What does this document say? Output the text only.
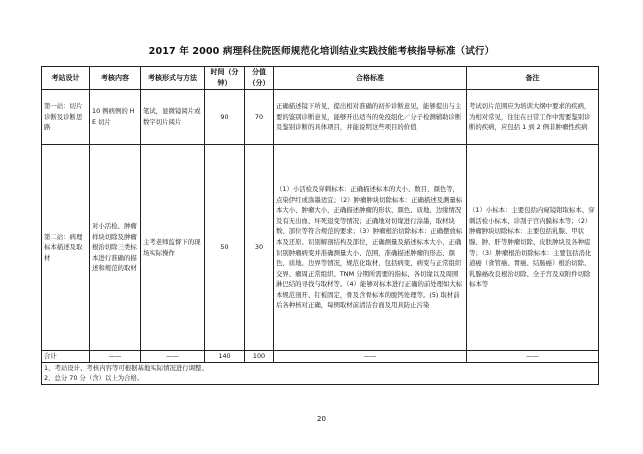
2017 年 2000 病理科住院医师规范化培训结业实践技能考核指导标准（试行）
考站设计	考核内容	考核形式与方法	时间（分钟）	分值（分）	合格标准	备注
第一站：切片诊断及诊断思路	10 例病例的 HE 切片	笔试，显微镜阅片或数字切片阅片	90	70	正确描述镜下所见，提出相对准确的初步诊断意见，能够提出与主要的鉴别诊断意见，能够开出适当的免疫组化／分子检测辅助诊断及鉴别诊断的具体项目，并能说明这些项目的价值	考试切片范围应为培训大纲中要求的疾病，为相对常见，往往在日常工作中需要鉴别诊断的疾病，应包括 1 到 2 例非肿瘤性疾病
第二站：病理标本描述及取材	对小活检、肿瘤样块切除及肿瘤根治切除三类标本进行准确的描述和规范的取材	主考老师监督下的现场实际操作	50	30	（1）小活检及穿刺标本：正确描述标本的大小、数目、颜色等，点染伊红或涤墨适宜；（2）肿瘤肿块切除标本：正确描述及测量标本大小、肿瘤大小，正确描述肿瘤的形状、颜色、质地、边缘情况及有无出血、坏死退变等情况；正确地对切缘进行涂墨，取材块数、部位等符合规范的要求；（3）肿瘤根治切除标本：正确摆放标本及还原、识别解剖结构及部位，正确测量及描述标本大小、正确识别肿瘤病变并准确测量大小、范围，准确描述肿瘤的形态、颜色、质地、边界等情况，规范化取材，包括病变、病变与正常组织交界、瘤周正常组织、TNM 分期所需要的指标、各切缘以及周围淋巴结的寻找与取材等。（4）能够对标本进行正确的前处理如大标本规范剖开、钉板固定，骨及含骨标本的脱钙处理等。(5) 取材前后各种核对正确，每例取材前清洁台面及用具防止污染	（1）小标本：主要包括内窥镜钳取标本、穿刺活检小标本、诊刮子宫内膜标本等；（2）肿瘤肿块切除标本：主要包括乳腺、甲状腺、肿、肝等肿瘤切除、皮肤肿块及各种痣等；（3）肿瘤根治切除标本：主要包括消化道癌（食管癌、胃癌、结肠癌）根治切除、乳腺癌改良根治切除、全子宫及双附件切除标本等
合计	——	——	140	100	——	——

1、考站设计、考核内容等可根据基地实际情况进行调整。
2、总分 70 分（含）以上为合格。						
20
